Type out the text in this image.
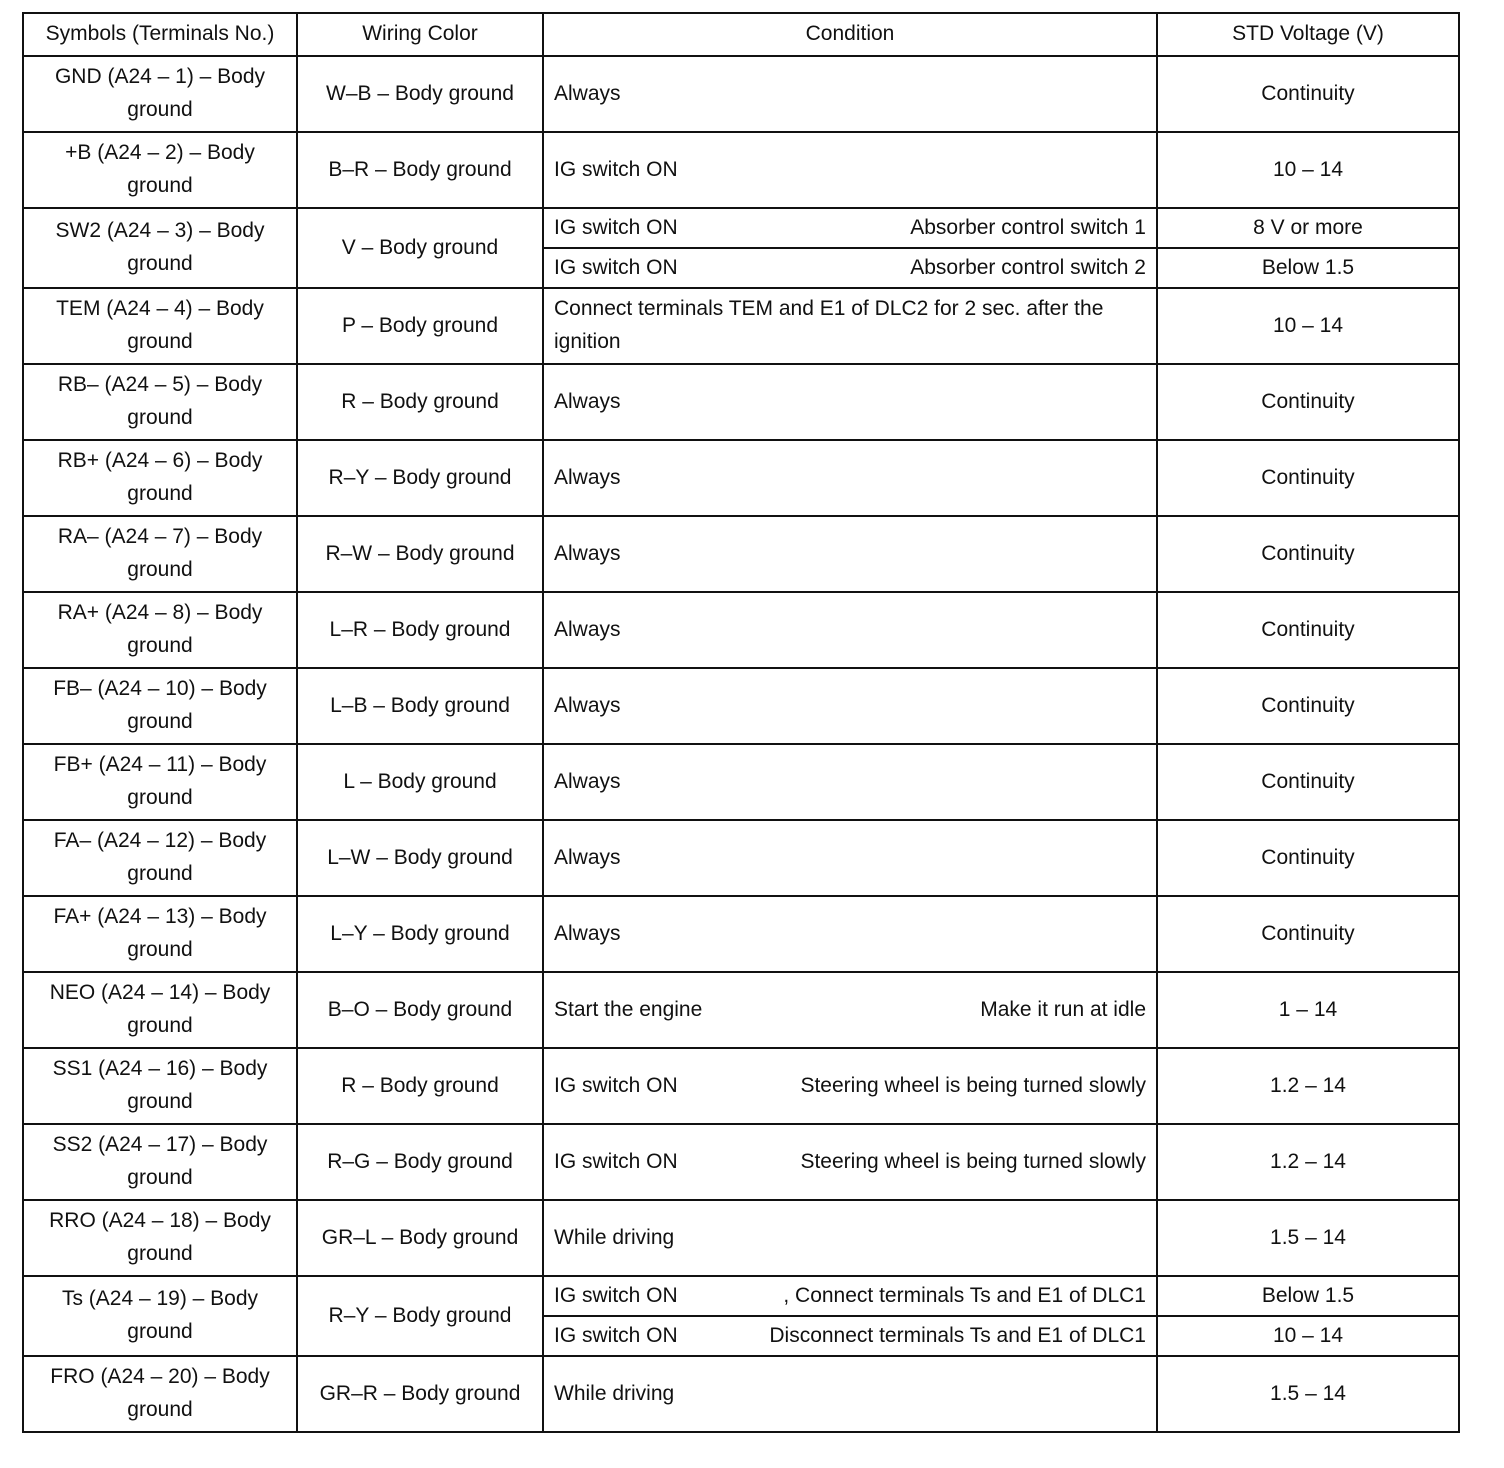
Symbols (Terminals No.)	Wiring Color	Condition	STD Voltage (V)
GND (A24 – 1) – Body ground	W–B – Body ground	Always	Continuity
+B (A24 – 2) – Body ground	B–R – Body ground	IG switch ON	10 – 14
SW2 (A24 – 3) – Body ground	V – Body ground	IG switch ON Absorber control switch 1	8 V or more

		IG switch ON Absorber control switch 2	Below 1.5
TEM (A24 – 4) – Body ground	P – Body ground	Connect terminals TEM and E1 of DLC2 for 2 sec. after the ignition	10 – 14
RB– (A24 – 5) – Body ground	R – Body ground	Always	Continuity
RB+ (A24 – 6) – Body ground	R–Y – Body ground	Always	Continuity
RA– (A24 – 7) – Body ground	R–W – Body ground	Always	Continuity
RA+ (A24 – 8) – Body ground	L–R – Body ground	Always	Continuity
FB– (A24 – 10) – Body ground	L–B – Body ground	Always	Continuity
FB+ (A24 – 11) – Body ground	L – Body ground	Always	Continuity
FA– (A24 – 12) – Body ground	L–W – Body ground	Always	Continuity
FA+ (A24 – 13) – Body ground	L–Y – Body ground	Always	Continuity
NEO (A24 – 14) – Body ground	B–O – Body ground	Start the engine Make it run at idle	1 – 14
SS1 (A24 – 16) – Body ground	R – Body ground	IG switch ON Steering wheel is being turned slowly	1.2 – 14
SS2 (A24 – 17) – Body ground	R–G – Body ground	IG switch ON Steering wheel is being turned slowly	1.2 – 14
RRO (A24 – 18) – Body ground	GR–L – Body ground	While driving	1.5 – 14
Ts (A24 – 19) – Body ground	R–Y – Body ground	IG switch ON , Connect terminals Ts and E1 of DLC1	Below 1.5

		IG switch ON Disconnect terminals Ts and E1 of DLC1	10 – 14
FRO (A24 – 20) – Body ground	GR–R – Body ground	While driving	1.5 – 14
